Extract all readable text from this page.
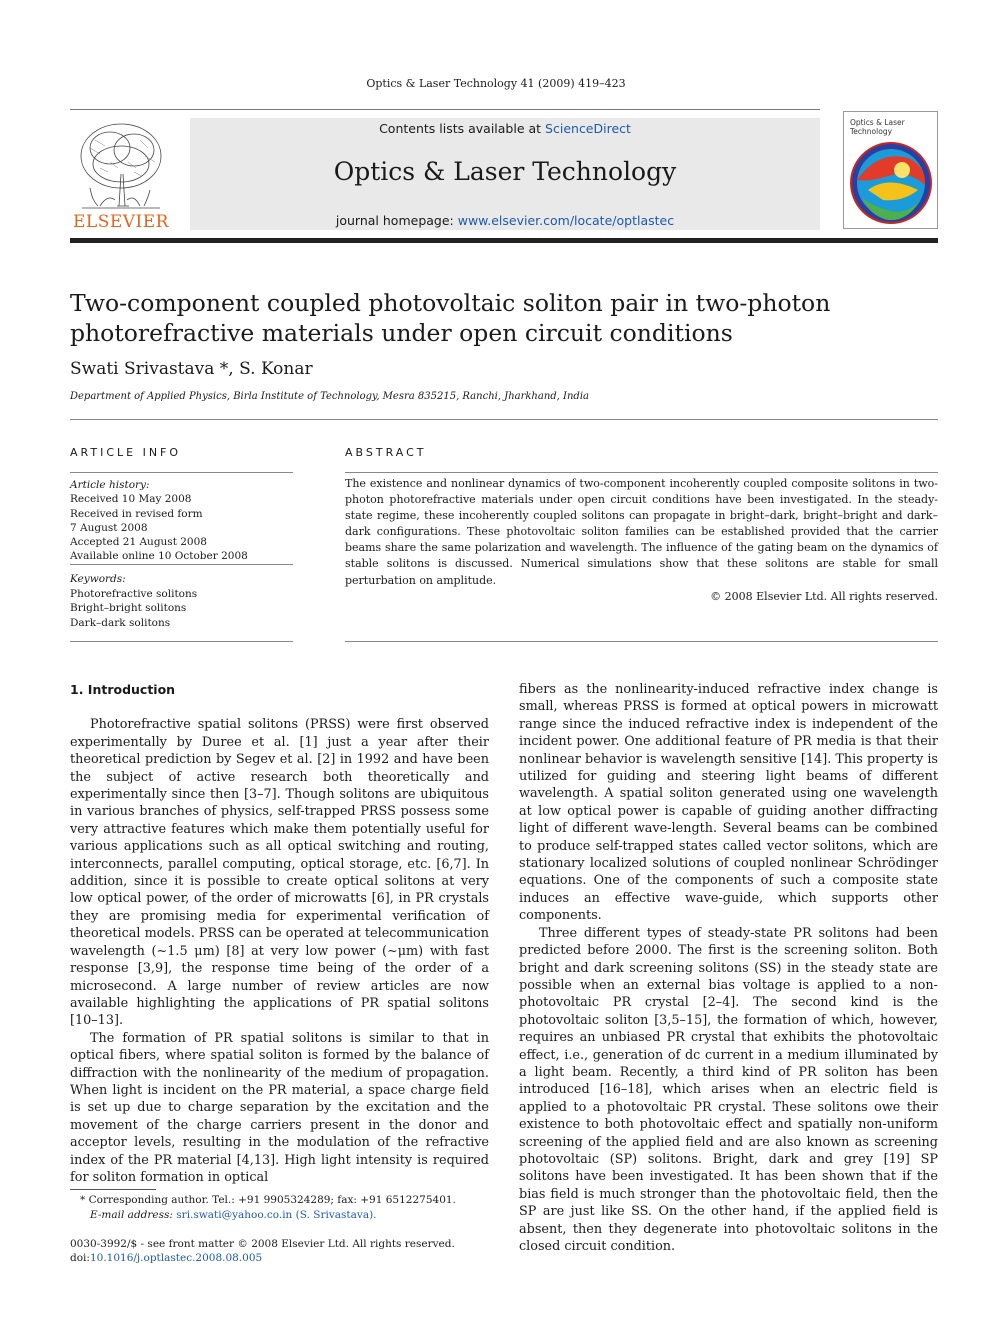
Optics & Laser Technology 41 (2009) 419–423
ELSEVIER
Contents lists available at ScienceDirect
Optics & Laser Technology
journal homepage: www.elsevier.com/locate/optlastec
Optics & Laser Technology
Two-component coupled photovoltaic soliton pair in two-photon photorefractive materials under open circuit conditions
Swati Srivastava *, S. Konar
Department of Applied Physics, Birla Institute of Technology, Mesra 835215, Ranchi, Jharkhand, India
ARTICLE INFO	ABSTRACT
Article history:
Received 10 May 2008
Received in revised form
7 August 2008
Accepted 21 August 2008
Available online 10 October 2008
Keywords:
Photorefractive solitons
Bright–bright solitons
Dark–dark solitons
The existence and nonlinear dynamics of two-component incoherently coupled composite solitons in two-photon photorefractive materials under open circuit conditions have been investigated. In the steady-state regime, these incoherently coupled solitons can propagate in bright–dark, bright–bright and dark–dark configurations. These photovoltaic soliton families can be established provided that the carrier beams share the same polarization and wavelength. The influence of the gating beam on the dynamics of stable solitons is discussed. Numerical simulations show that these solitons are stable for small perturbation on amplitude.
© 2008 Elsevier Ltd. All rights reserved.
1. Introduction

Photorefractive spatial solitons (PRSS) were first observed experimentally by Duree et al. [1] just a year after their theoretical prediction by Segev et al. [2] in 1992 and have been the subject of active research both theoretically and experimentally since then [3–7]. Though solitons are ubiquitous in various branches of physics, self-trapped PRSS possess some very attractive features which make them potentially useful for various applications such as all optical switching and routing, interconnects, parallel computing, optical storage, etc. [6,7]. In addition, since it is possible to create optical solitons at very low optical power, of the order of microwatts [6], in PR crystals they are promising media for experimental verification of theoretical models. PRSS can be operated at telecommunication wavelength (∼1.5 μm) [8] at very low power (∼μm) with fast response [3,9], the response time being of the order of a microsecond. A large number of review articles are now available highlighting the applications of PR spatial solitons [10–13].

The formation of PR spatial solitons is similar to that in optical fibers, where spatial soliton is formed by the balance of diffraction with the nonlinearity of the medium of propagation. When light is incident on the PR material, a space charge field is set up due to charge separation by the excitation and the movement of the charge carriers present in the donor and acceptor levels, resulting in the modulation of the refractive index of the PR material [4,13]. High light intensity is required for soliton formation in optical

fibers as the nonlinearity-induced refractive index change is small, whereas PRSS is formed at optical powers in microwatt range since the induced refractive index is independent of the incident power. One additional feature of PR media is that their nonlinear behavior is wavelength sensitive [14]. This property is utilized for guiding and steering light beams of different wavelength. A spatial soliton generated using one wavelength at low optical power is capable of guiding another diffracting light of different wave-length. Several beams can be combined to produce self-trapped states called vector solitons, which are stationary localized solutions of coupled nonlinear Schrödinger equations. One of the components of such a composite state induces an effective wave-guide, which supports other components.

Three different types of steady-state PR solitons had been predicted before 2000. The first is the screening soliton. Both bright and dark screening solitons (SS) in the steady state are possible when an external bias voltage is applied to a non-photovoltaic PR crystal [2–4]. The second kind is the photovoltaic soliton [3,5–15], the formation of which, however, requires an unbiased PR crystal that exhibits the photovoltaic effect, i.e., generation of dc current in a medium illuminated by a light beam. Recently, a third kind of PR soliton has been introduced [16–18], which arises when an electric field is applied to a photovoltaic PR crystal. These solitons owe their existence to both photovoltaic effect and spatially non-uniform screening of the applied field and are also known as screening photovoltaic (SP) solitons. Bright, dark and grey [19] SP solitons have been investigated. It has been shown that if the bias field is much stronger than the photovoltaic field, then the SP are just like SS. On the other hand, if the applied field is absent, then they degenerate into photovoltaic solitons in the closed circuit condition.

* Corresponding author. Tel.: +91 9905324289; fax: +91 6512275401.
E-mail address: sri.swati@yahoo.co.in (S. Srivastava).
0030-3992/$ - see front matter © 2008 Elsevier Ltd. All rights reserved.
doi:10.1016/j.optlastec.2008.08.005
